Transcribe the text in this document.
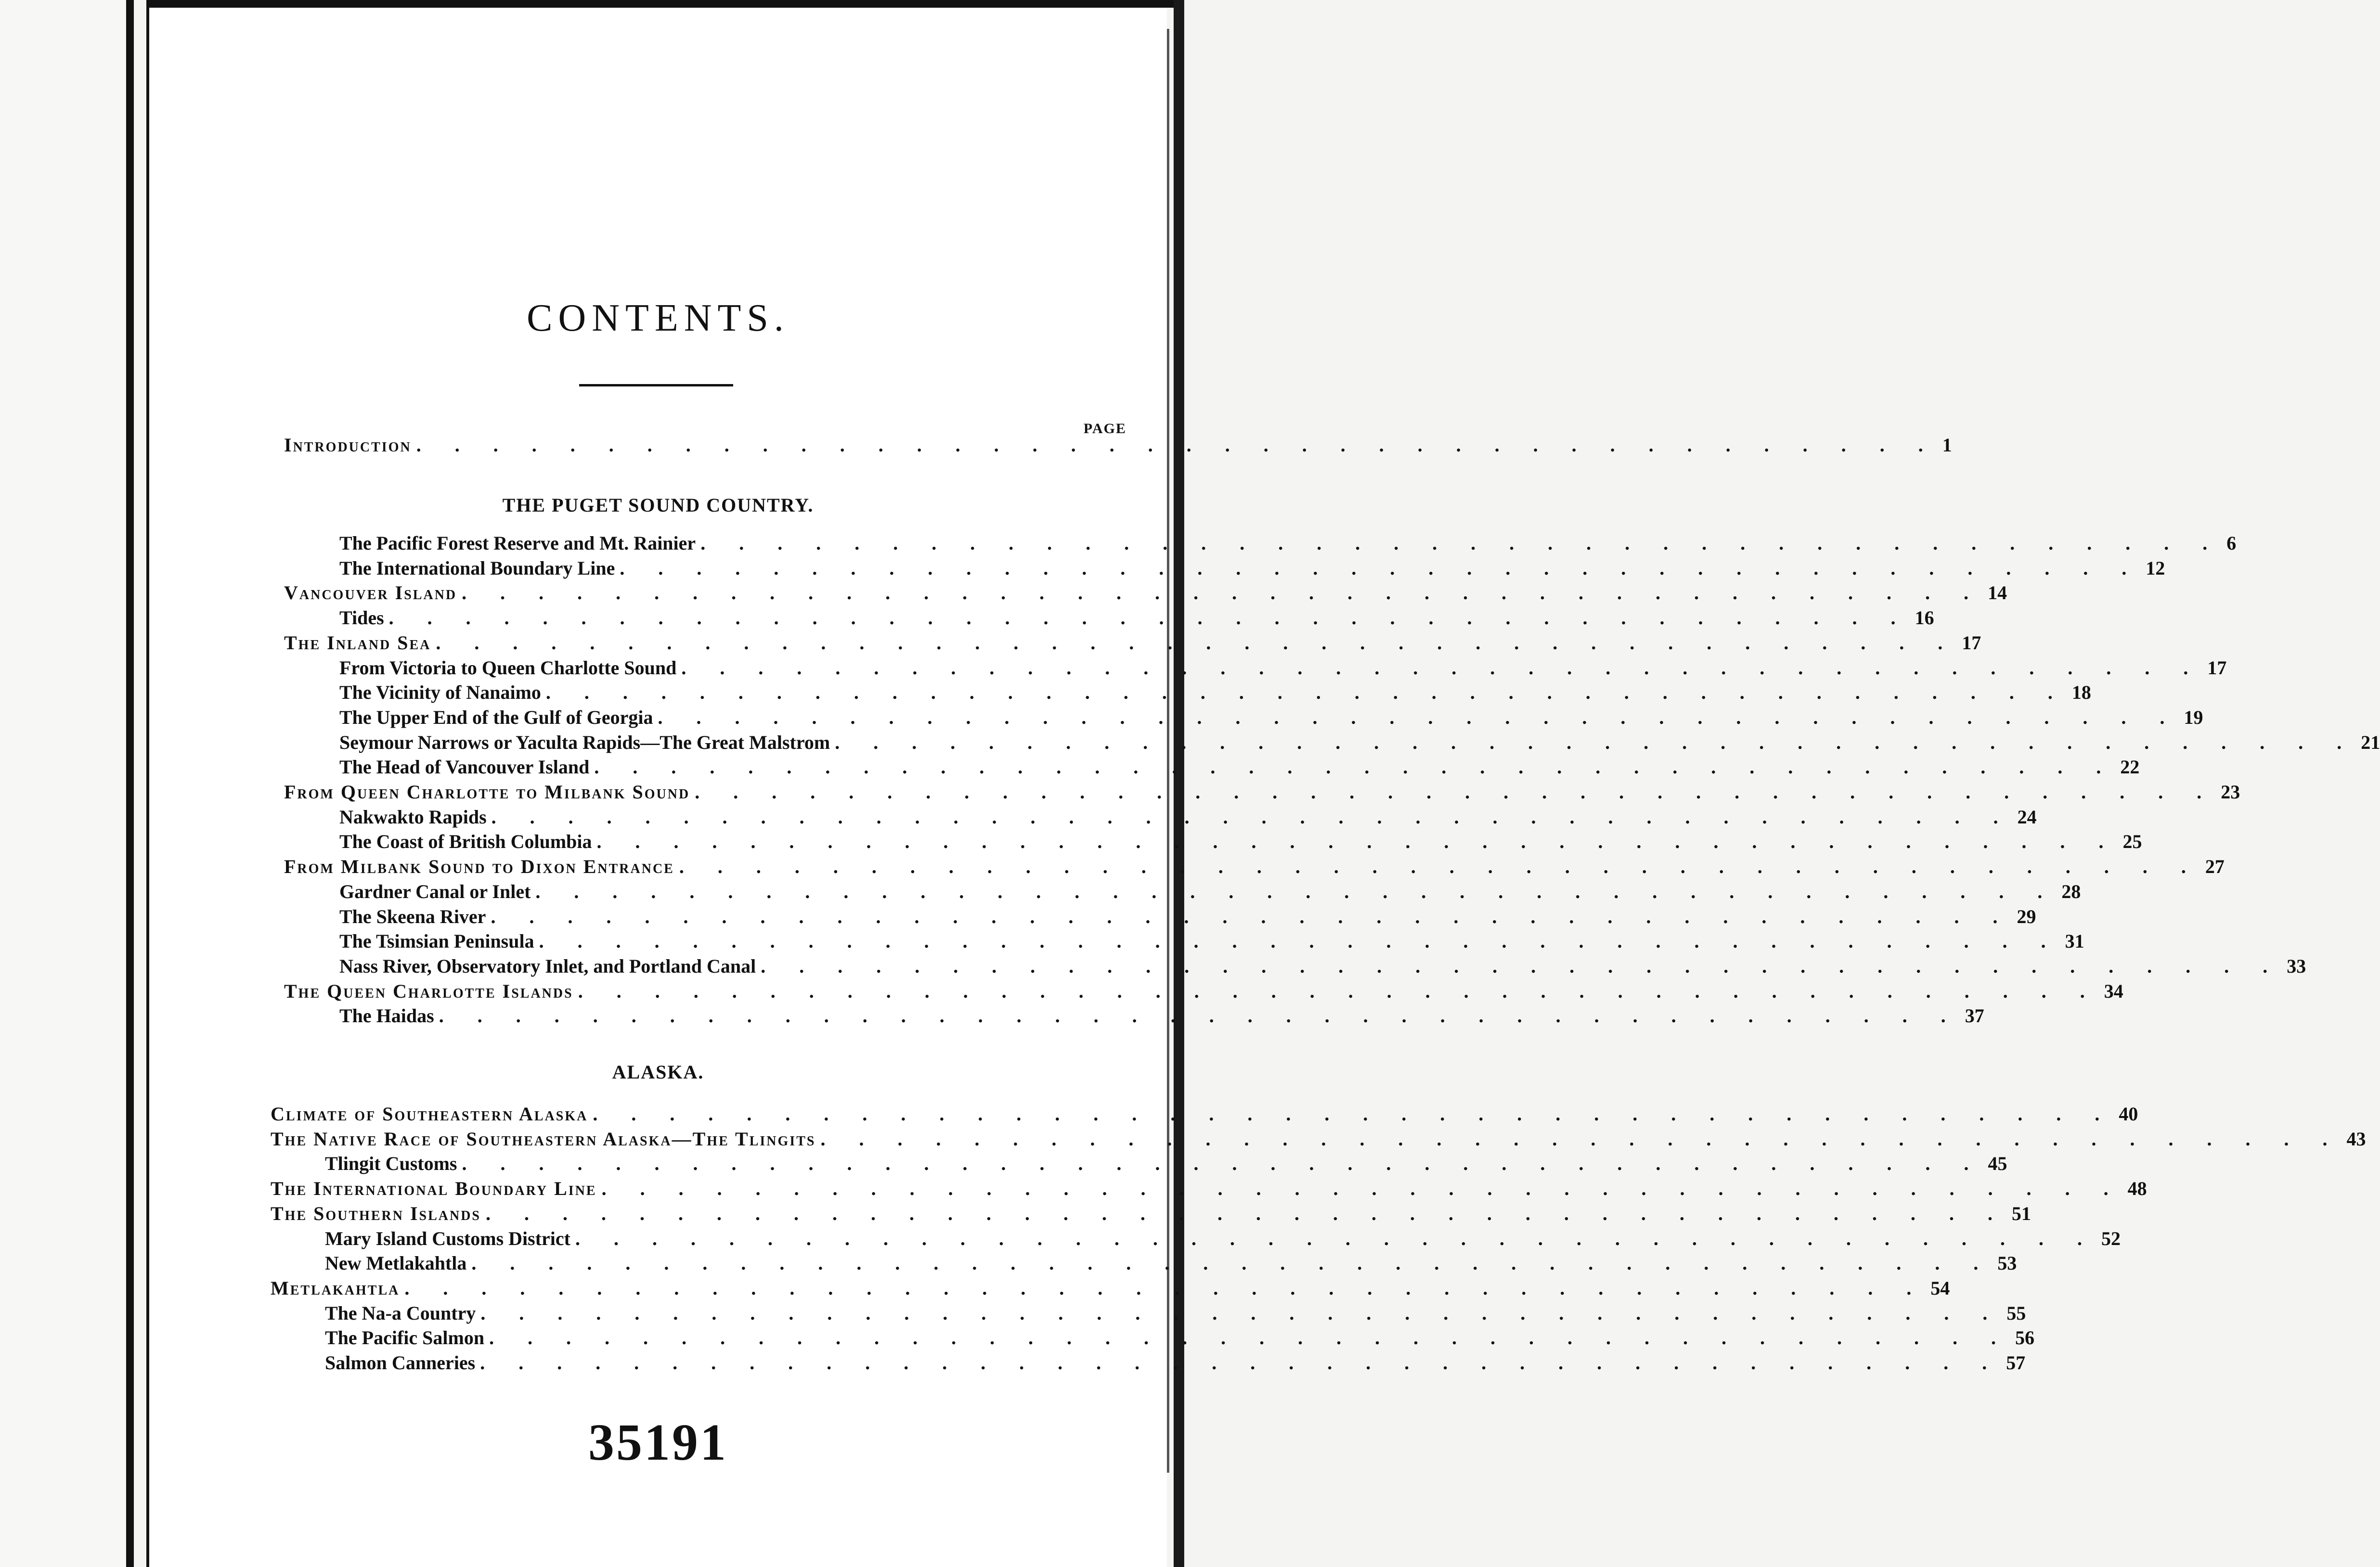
CONTENTS.
PAGE
Introduction . . . . . . . . . . . . . . . . . . . . . . . . . . . . . . . . . . . . . . . . 1
THE PUGET SOUND COUNTRY.
The Pacific Forest Reserve and Mt. Rainier . . . . . . . . . . . . . . . . . . . . . . . . . . . . . . . . . . . . . . . . 6
The International Boundary Line . . . . . . . . . . . . . . . . . . . . . . . . . . . . . . . . . . . . . . . . 12
Vancouver Island . . . . . . . . . . . . . . . . . . . . . . . . . . . . . . . . . . . . . . . . 14
Tides . . . . . . . . . . . . . . . . . . . . . . . . . . . . . . . . . . . . . . . . 16
The Inland Sea . . . . . . . . . . . . . . . . . . . . . . . . . . . . . . . . . . . . . . . . 17
From Victoria to Queen Charlotte Sound . . . . . . . . . . . . . . . . . . . . . . . . . . . . . . . . . . . . . . . . 17
The Vicinity of Nanaimo . . . . . . . . . . . . . . . . . . . . . . . . . . . . . . . . . . . . . . . . 18
The Upper End of the Gulf of Georgia . . . . . . . . . . . . . . . . . . . . . . . . . . . . . . . . . . . . . . . . 19
Seymour Narrows or Yaculta Rapids—The Great Malstrom . . . . . . . . . . . . . . . . . . . . . . . . . . . . . . . . . . . . . . . . 21
The Head of Vancouver Island . . . . . . . . . . . . . . . . . . . . . . . . . . . . . . . . . . . . . . . . 22
From Queen Charlotte to Milbank Sound . . . . . . . . . . . . . . . . . . . . . . . . . . . . . . . . . . . . . . . . 23
Nakwakto Rapids . . . . . . . . . . . . . . . . . . . . . . . . . . . . . . . . . . . . . . . . 24
The Coast of British Columbia . . . . . . . . . . . . . . . . . . . . . . . . . . . . . . . . . . . . . . . . 25
From Milbank Sound to Dixon Entrance . . . . . . . . . . . . . . . . . . . . . . . . . . . . . . . . . . . . . . . . 27
Gardner Canal or Inlet . . . . . . . . . . . . . . . . . . . . . . . . . . . . . . . . . . . . . . . . 28
The Skeena River . . . . . . . . . . . . . . . . . . . . . . . . . . . . . . . . . . . . . . . . 29
The Tsimsian Peninsula . . . . . . . . . . . . . . . . . . . . . . . . . . . . . . . . . . . . . . . . 31
Nass River, Observatory Inlet, and Portland Canal . . . . . . . . . . . . . . . . . . . . . . . . . . . . . . . . . . . . . . . . 33
The Queen Charlotte Islands . . . . . . . . . . . . . . . . . . . . . . . . . . . . . . . . . . . . . . . . 34
The Haidas . . . . . . . . . . . . . . . . . . . . . . . . . . . . . . . . . . . . . . . . 37
ALASKA.
Climate of Southeastern Alaska . . . . . . . . . . . . . . . . . . . . . . . . . . . . . . . . . . . . . . . . 40
The Native Race of Southeastern Alaska—The Tlingits . . . . . . . . . . . . . . . . . . . . . . . . . . . . . . . . . . . . . . . . 43
Tlingit Customs . . . . . . . . . . . . . . . . . . . . . . . . . . . . . . . . . . . . . . . . 45
The International Boundary Line . . . . . . . . . . . . . . . . . . . . . . . . . . . . . . . . . . . . . . . . 48
The Southern Islands . . . . . . . . . . . . . . . . . . . . . . . . . . . . . . . . . . . . . . . . 51
Mary Island Customs District . . . . . . . . . . . . . . . . . . . . . . . . . . . . . . . . . . . . . . . . 52
New Metlakahtla . . . . . . . . . . . . . . . . . . . . . . . . . . . . . . . . . . . . . . . . 53
Metlakahtla . . . . . . . . . . . . . . . . . . . . . . . . . . . . . . . . . . . . . . . . 54
The Na-a Country . . . . . . . . . . . . . . . . . . . . . . . . . . . . . . . . . . . . . . . . 55
The Pacific Salmon . . . . . . . . . . . . . . . . . . . . . . . . . . . . . . . . . . . . . . . . 56
Salmon Canneries . . . . . . . . . . . . . . . . . . . . . . . . . . . . . . . . . . . . . . . . 57
35191
